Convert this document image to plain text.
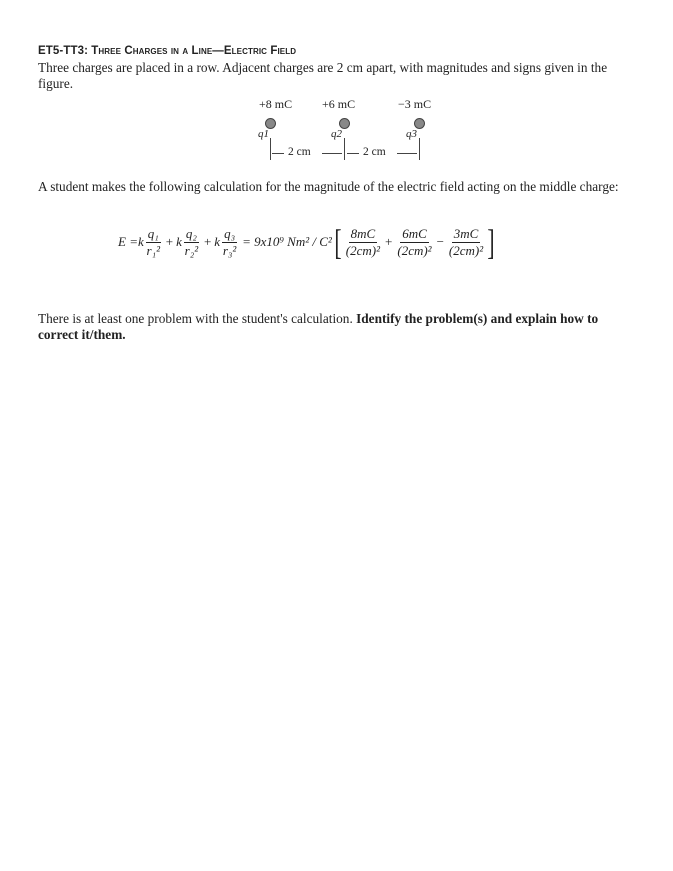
ET5-TT3: Three Charges in a Line—Electric Field
Three charges are placed in a row. Adjacent charges are 2 cm apart, with magnitudes and signs given in the figure.
+8 mC +6 mC	−3 mC
q1	q2	q3
2 cm	2 cm
A student makes the following calculation for the magnitude of the electric field acting on the middle charge:
E = k $\frac{\text{q₁}}{\text{r₁²}} + k \frac{\text{q₂}}{\text{r₂²}} + k \frac{\text{q₃}}{\text{r₃²}} = 9x10^9$ Nm² / C² [ $\frac{8mC}{\text{(2cm)²}} + \frac{6mC}{\text{(2cm)²}} - \frac{3mC}{\text{(2cm)²}}$ ]
There is at least one problem with the student's calculation. Identify the problem(s) and explain how to correct it/them.
